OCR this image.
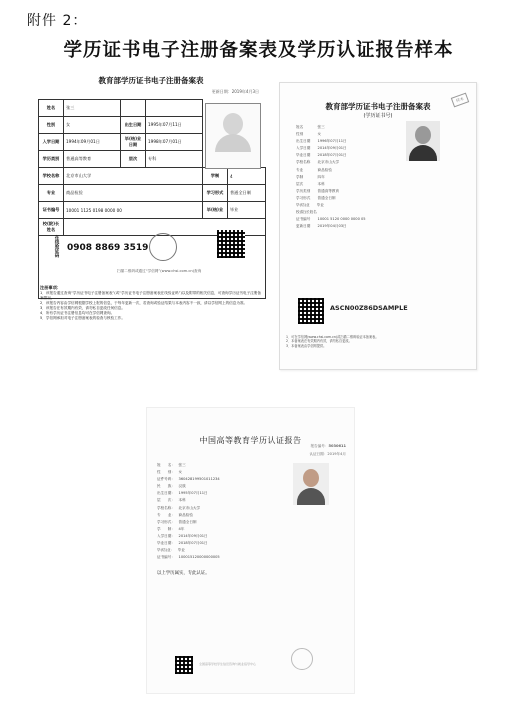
附件 2：
学历证书电子注册备案表及学历认证报告样本
教育部学历证书电子注册备案表
更新日期：2019年4月3日
姓名	张三				
性别	女	出生日期	1995年07月11日		
入学日期	1994年09月01日	毕(结)业日期	1998年07月01日		
学历类别	普通高等教育	层次	专科		
学校名称	北京市山大学			学制	4
专业	商品检验			学习形式	普通全日制
证书编号	10001 1125 0198 0000 00			毕(结)业	毕业
校(院)长姓名					

在线验证码 0908 8869 3519
扫描二维码或通过“学信网”(www.chsi.com.cn)查询
注册事项：
1．该报告通过查询“学历证书电子注册备案表”(或“学历证书电子注册备案表在线验证码”)以及附带的相关信息，可查询学历证书电子注册备案情况。
2．该报告内容由学信网根据学校上报的信息，于每年更新一次，若查询或验证结果与本表内容不一致，请以学信网上的信息为准。
3．该报告在有效期内有效，请勿私自更改任何信息。
4．所有学历证书注册信息均可在学信网查询。
5．学信网承担对电子注册备案表的检查与核验工作。
样本
教育部学历证书电子注册备案表
(学历证书号)
姓名　　　　张三
性别　　　　女
出生日期　　1996年07月11日
入学日期　　2014年09月01日
毕业日期　　2018年07月01日
学校名称　　北京市山大学
专业　　　　商品检验
学制　　　　四年
层次　　　　本科
学历类别　　普通高等教育
学习形式　　普通全日制
毕(结)业　　毕业
校(院)长姓名
证书编号　　10001 5120 0000 0000 05
更新日期　　2019年04月03日
ASCN00Z86DSAMPLE
1．可在学信网(www.chsi.com.cn)或扫描二维码验证本备案表。
2．本备案表在有效期内有效，请勿私自更改。
3．本备案表由学信网提供。
中国高等教育学历认证报告
报告编号：5030611
认证日期：2019年4月
姓　　名：　张三
性　　别：　女
证件号码：　360428199501011234
民　　族：　汉族
出生日期：　1995年07月11日
层　　次：　本科
学校名称：　北京市山大学
专　　业：　商品检验
学习形式：　普通全日制
学　　制：　4年
入学日期：　2014年09月01日
毕业日期：　2018年07月01日
毕(结)业：　毕业
证书编号：　100015120000000005
以上学历属实，专此认证。
全国高等学校学生信息咨询与就业指导中心
